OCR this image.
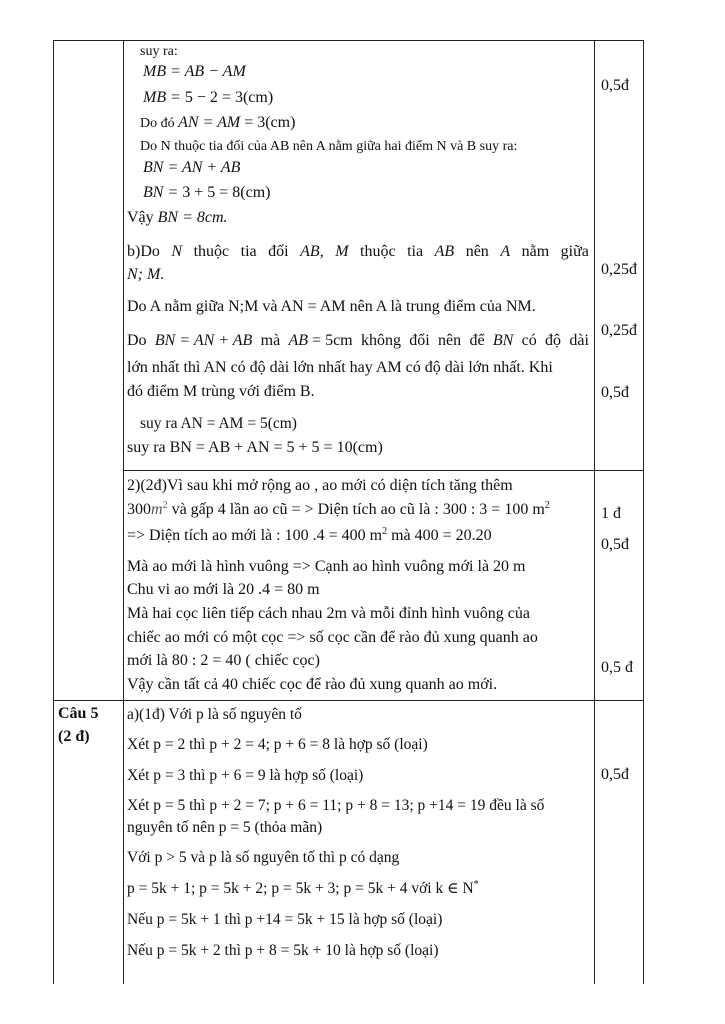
suy ra:
MB = AB − AM
MB = 5 − 2 = 3(cm)
Do đó AN = AM = 3(cm)
Do N thuộc tia đối của AB nên A nằm giữa hai điểm N và B suy ra:
BN = AN + AB
BN = 3 + 5 = 8(cm)
Vậy BN = 8cm.
b)Do N thuộc tia đối AB, M thuộc tia AB nên A nằm giữa
N; M.
Do A nằm giữa N;M và AN = AM nên A là trung điểm của NM.
Do BN = AN + AB mà AB = 5cm không đổi nên để BN có độ dài
lớn nhất thì AN có độ dài lớn nhất hay AM có độ dài lớn nhất. Khi
đó điểm M trùng với điểm B.
suy ra AN = AM = 5(cm)
suy ra BN = AB + AN = 5 + 5 = 10(cm)
0,5đ
0,25đ
0,25đ
0,5đ
2)(2đ)Vì sau khi mở rộng ao , ao mới có diện tích tăng thêm
$300m^2$ và gấp 4 lần ao cũ = > Diện tích ao cũ là : 300 : 3 = 100 $m^2$
=> Diện tích ao mới là : 100 .4 = 400 $m^2$ mà 400 = 20.20
Mà ao mới là hình vuông => Cạnh ao hình vuông mới là 20 m
Chu vi ao mới là 20 .4 = 80 m
Mà hai cọc liên tiếp cách nhau 2m và mỗi đỉnh hình vuông của
chiếc ao mới có một cọc => số cọc cần để rào đủ xung quanh ao
mới là 80 : 2 = 40 ( chiếc cọc)
Vậy cần tất cả 40 chiếc cọc để rào đủ xung quanh ao mới.
1 đ
0,5đ
0,5 đ
Câu 5
(2 đ)
a)(1đ) Với p là số nguyên tố
Xét p = 2 thì p + 2 = 4; p + 6 = 8 là hợp số (loại)
Xét p = 3 thì p + 6 = 9 là hợp số (loại)
Xét p = 5 thì p + 2 = 7; p + 6 = 11; p + 8 = 13; p +14 = 19 đều là số
nguyên tố nên p = 5 (thỏa mãn)
Với p > 5 và p là số nguyên tố thì p có dạng
p = 5k + 1; p = 5k + 2; p = 5k + 3; p = 5k + 4 với k ∈ N*
Nếu p = 5k + 1 thì p +14 = 5k + 15 là hợp số (loại)
Nếu p = 5k + 2 thì p + 8 = 5k + 10 là hợp số (loại)
0,5đ
